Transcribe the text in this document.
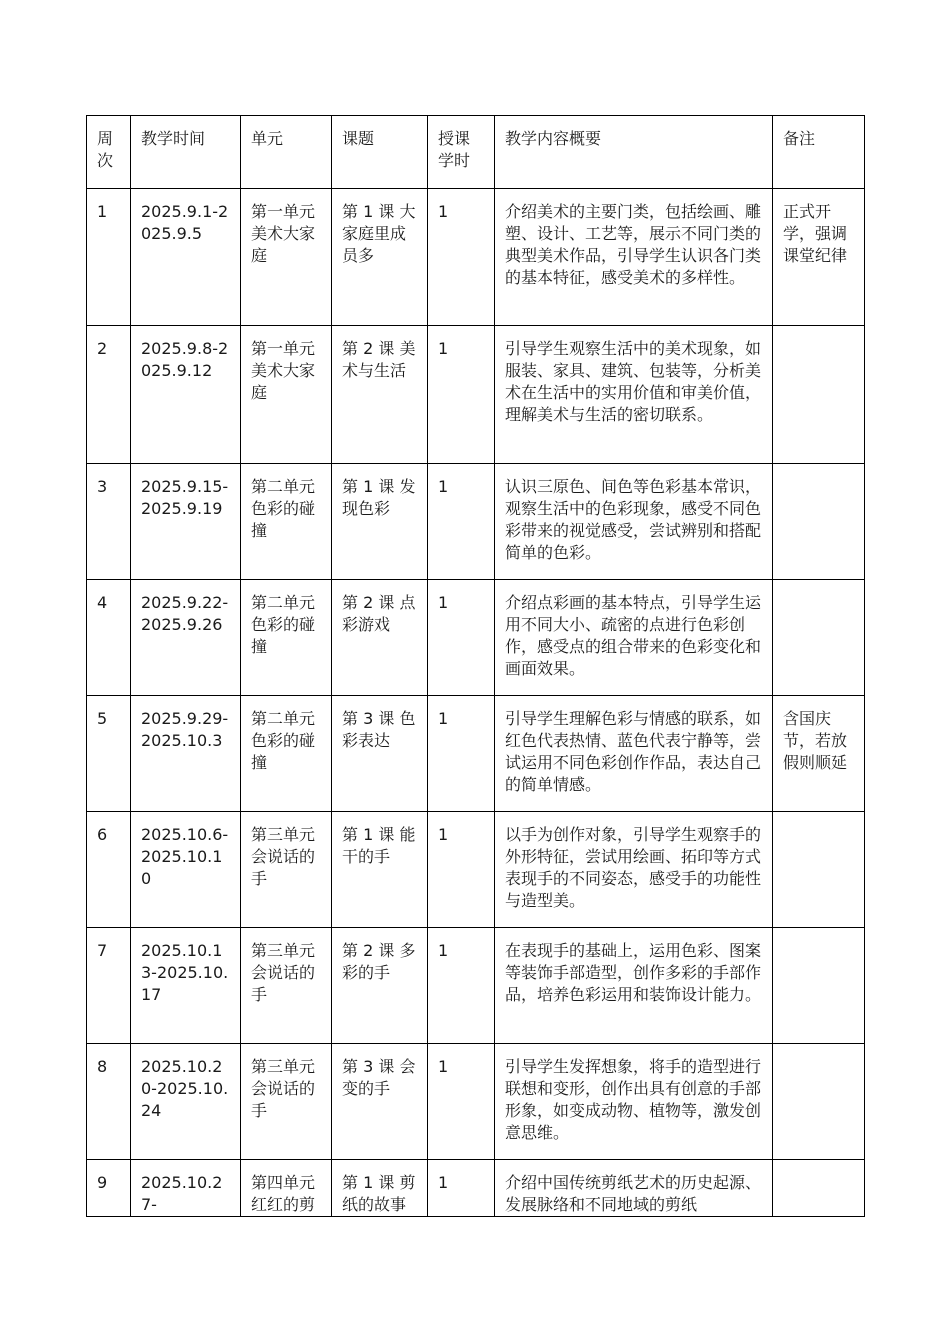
周次	教学时间	单元	课题	授课学时	教学内容概要	备注
1	2025.9.1-2025.9.5	第一单元美术大家庭	第 1 课 大家庭里成员多	1	介绍美术的主要门类，包括绘画、雕塑、设计、工艺等，展示不同门类的典型美术作品，引导学生认识各门类的基本特征，感受美术的多样性。	正式开学，强调课堂纪律
2	2025.9.8-2025.9.12	第一单元美术大家庭	第 2 课 美术与生活	1	引导学生观察生活中的美术现象，如服装、家具、建筑、包装等，分析美术在生活中的实用价值和审美价值，理解美术与生活的密切联系。	
3	2025.9.15-2025.9.19	第二单元色彩的碰撞	第 1 课 发现色彩	1	认识三原色、间色等色彩基本常识，观察生活中的色彩现象，感受不同色彩带来的视觉感受，尝试辨别和搭配简单的色彩。	
4	2025.9.22-2025.9.26	第二单元色彩的碰撞	第 2 课 点彩游戏	1	介绍点彩画的基本特点，引导学生运用不同大小、疏密的点进行色彩创作，感受点的组合带来的色彩变化和画面效果。	
5	2025.9.29-2025.10.3	第二单元色彩的碰撞	第 3 课 色彩表达	1	引导学生理解色彩与情感的联系，如红色代表热情、蓝色代表宁静等，尝试运用不同色彩创作作品，表达自己的简单情感。	含国庆节，若放假则顺延
6	2025.10.6-2025.10.10	第三单元会说话的手	第 1 课 能干的手	1	以手为创作对象，引导学生观察手的外形特征，尝试用绘画、拓印等方式表现手的不同姿态，感受手的功能性与造型美。	
7	2025.10.13-2025.10.17	第三单元会说话的手	第 2 课 多彩的手	1	在表现手的基础上，运用色彩、图案等装饰手部造型，创作多彩的手部作品，培养色彩运用和装饰设计能力。	
8	2025.10.20-2025.10.24	第三单元会说话的手	第 3 课 会变的手	1	引导学生发挥想象，将手的造型进行联想和变形，创作出具有创意的手部形象，如变成动物、植物等，激发创意思维。	
9	2025.10.27-	第四单元红红的剪	第 1 课 剪纸的故事	1	介绍中国传统剪纸艺术的历史起源、发展脉络和不同地域的剪纸	
